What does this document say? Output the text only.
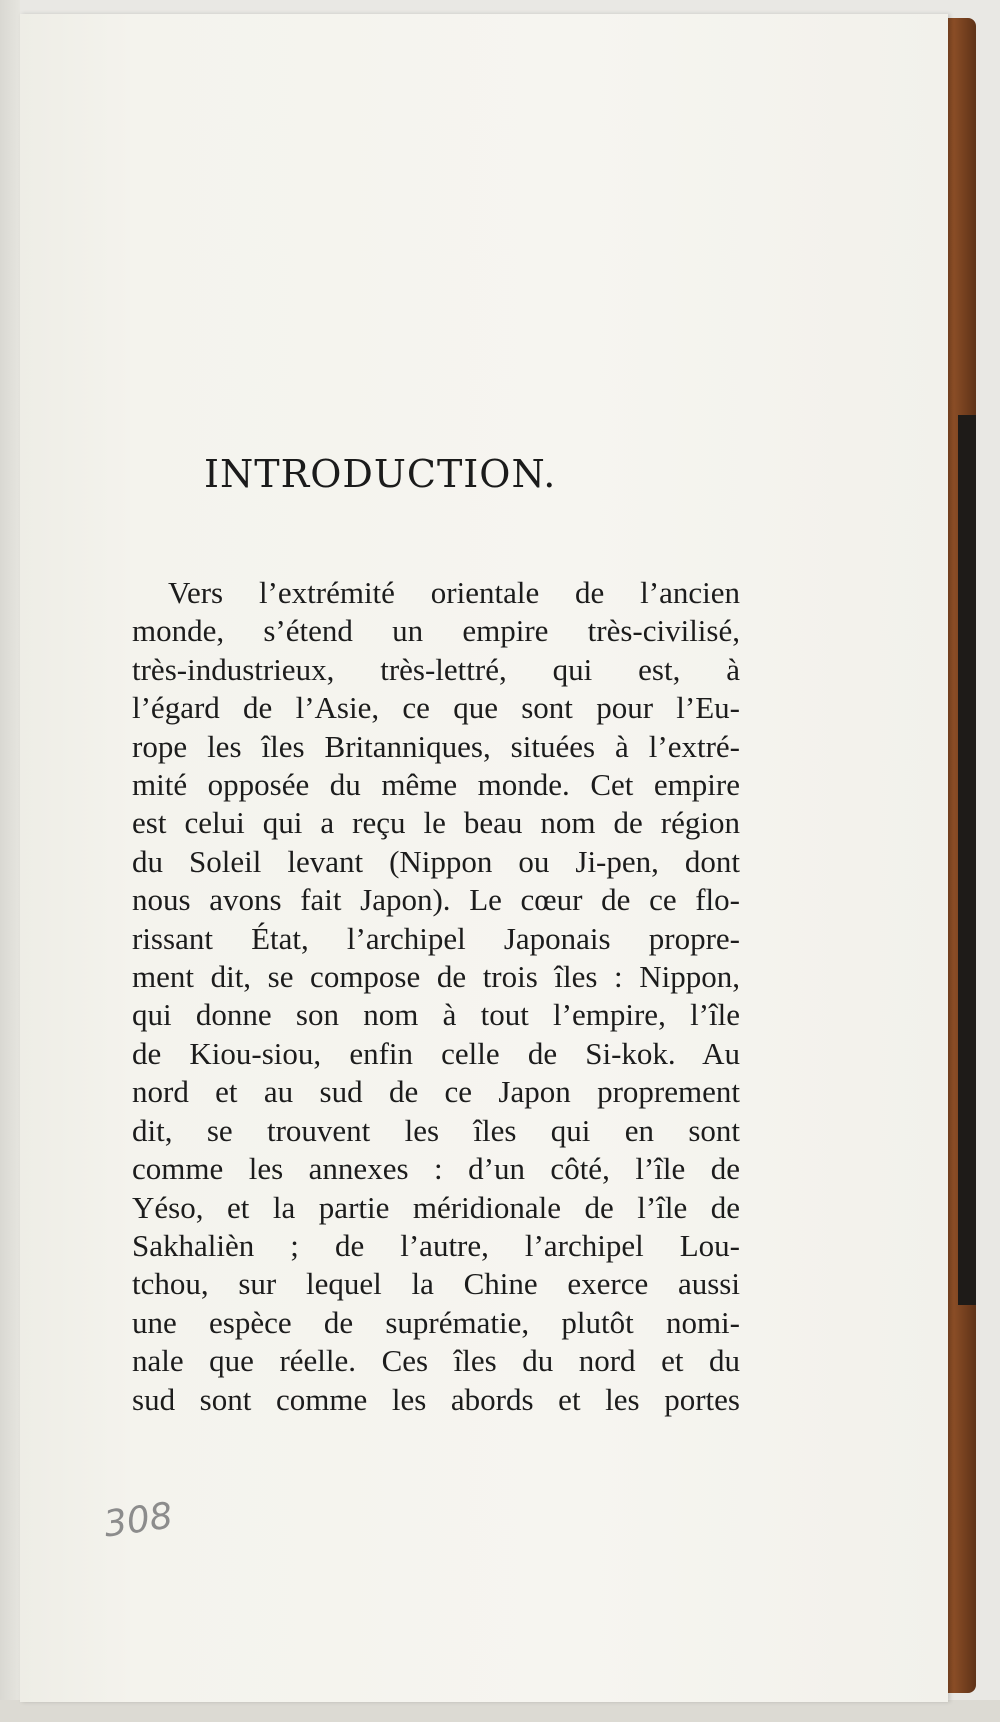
INTRODUCTION.
Vers l’extrémité orientale de l’ancien
monde, s’étend un empire très-civilisé,
très-industrieux, très-lettré, qui est, à
l’égard de l’Asie, ce que sont pour l’Eu-
rope les îles Britanniques, situées à l’extré-
mité opposée du même monde. Cet empire
est celui qui a reçu le beau nom de région
du Soleil levant (Nippon ou Ji-pen, dont
nous avons fait Japon). Le cœur de ce flo-
rissant État, l’archipel Japonais propre-
ment dit, se compose de trois îles : Nippon,
qui donne son nom à tout l’empire, l’île
de Kiou-siou, enfin celle de Si-kok. Au
nord et au sud de ce Japon proprement
dit, se trouvent les îles qui en sont
comme les annexes : d’un côté, l’île de
Yéso, et la partie méridionale de l’île de
Sakhalièn ; de l’autre, l’archipel Lou-
tchou, sur lequel la Chine exerce aussi
une espèce de suprématie, plutôt nomi-
nale que réelle. Ces îles du nord et du
sud sont comme les abords et les portes
308
